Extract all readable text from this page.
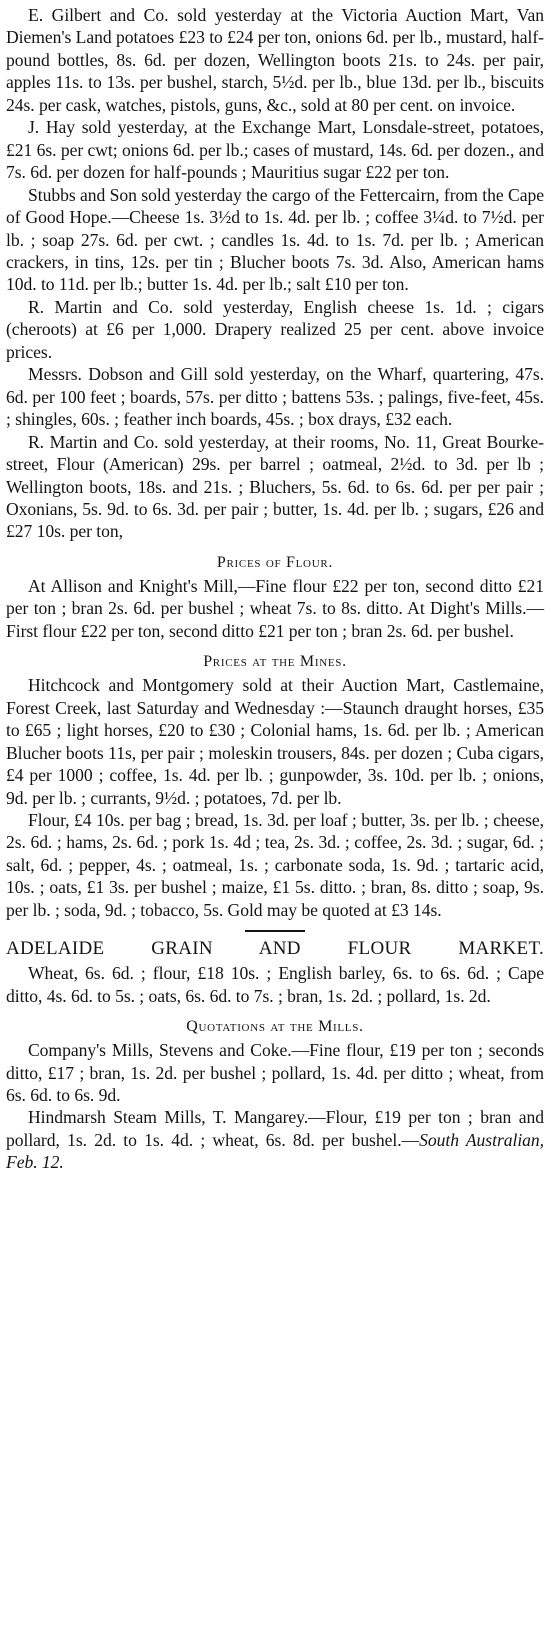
E. Gilbert and Co. sold yesterday at the Victoria Auction Mart, Van Diemen's Land potatoes £23 to £24 per ton, onions 6d. per lb., mustard, half-pound bottles, 8s. 6d. per dozen, Wellington boots 21s. to 24s. per pair, apples 11s. to 13s. per bushel, starch, 5½d. per lb., blue 13d. per lb., biscuits 24s. per cask, watches, pistols, guns, &c., sold at 80 per cent. on invoice.

J. Hay sold yesterday, at the Exchange Mart, Lonsdale-street, potatoes, £21 6s. per cwt; onions 6d. per lb.; cases of mustard, 14s. 6d. per dozen., and 7s. 6d. per dozen for half-pounds ; Mauritius sugar £22 per ton.

Stubbs and Son sold yesterday the cargo of the Fettercairn, from the Cape of Good Hope.—Cheese 1s. 3½d to 1s. 4d. per lb. ; coffee 3¼d. to 7½d. per lb. ; soap 27s. 6d. per cwt. ; candles 1s. 4d. to 1s. 7d. per lb. ; American crackers, in tins, 12s. per tin ; Blucher boots 7s. 3d. Also, American hams 10d. to 11d. per lb.; butter 1s. 4d. per lb.; salt £10 per ton.

R. Martin and Co. sold yesterday, English cheese 1s. 1d. ; cigars (cheroots) at £6 per 1,000. Drapery realized 25 per cent. above invoice prices.

Messrs. Dobson and Gill sold yesterday, on the Wharf, quartering, 47s. 6d. per 100 feet ; boards, 57s. per ditto ; battens 53s. ; palings, five-feet, 45s. ; shingles, 60s. ; feather inch boards, 45s. ; box drays, £32 each.

R. Martin and Co. sold yesterday, at their rooms, No. 11, Great Bourke-street, Flour (American) 29s. per barrel ; oatmeal, 2½d. to 3d. per lb ; Wellington boots, 18s. and 21s. ; Bluchers, 5s. 6d. to 6s. 6d. per per pair ; Oxonians, 5s. 9d. to 6s. 3d. per pair ; butter, 1s. 4d. per lb. ; sugars, £26 and £27 10s. per ton,

Prices of Flour.

At Allison and Knight's Mill,—Fine flour £22 per ton, second ditto £21 per ton ; bran 2s. 6d. per bushel ; wheat 7s. to 8s. ditto. At Dight's Mills.—First flour £22 per ton, second ditto £21 per ton ; bran 2s. 6d. per bushel.

Prices at the Mines.

Hitchcock and Montgomery sold at their Auction Mart, Castlemaine, Forest Creek, last Saturday and Wednesday :—Staunch draught horses, £35 to £65 ; light horses, £20 to £30 ; Colonial hams, 1s. 6d. per lb. ; American Blucher boots 11s, per pair ; moleskin trousers, 84s. per dozen ; Cuba cigars, £4 per 1000 ; coffee, 1s. 4d. per lb. ; gunpowder, 3s. 10d. per lb. ; onions, 9d. per lb. ; currants, 9½d. ; potatoes, 7d. per lb.

Flour, £4 10s. per bag ; bread, 1s. 3d. per loaf ; butter, 3s. per lb. ; cheese, 2s. 6d. ; hams, 2s. 6d. ; pork 1s. 4d ; tea, 2s. 3d. ; coffee, 2s. 3d. ; sugar, 6d. ; salt, 6d. ; pepper, 4s. ; oatmeal, 1s. ; carbonate soda, 1s. 9d. ; tartaric acid, 10s. ; oats, £1 3s. per bushel ; maize, £1 5s. ditto. ; bran, 8s. ditto ; soap, 9s. per lb. ; soda, 9d. ; tobacco, 5s. Gold may be quoted at £3 14s.

ADELAIDE GRAIN AND FLOUR MARKET.

Wheat, 6s. 6d. ; flour, £18 10s. ; English barley, 6s. to 6s. 6d. ; Cape ditto, 4s. 6d. to 5s. ; oats, 6s. 6d. to 7s. ; bran, 1s. 2d. ; pollard, 1s. 2d.

Quotations at the Mills.

Company's Mills, Stevens and Coke.—Fine flour, £19 per ton ; seconds ditto, £17 ; bran, 1s. 2d. per bushel ; pollard, 1s. 4d. per ditto ; wheat, from 6s. 6d. to 6s. 9d.

Hindmarsh Steam Mills, T. Mangarey.—Flour, £19 per ton ; bran and pollard, 1s. 2d. to 1s. 4d. ; wheat, 6s. 8d. per bushel.—South Australian, Feb. 12.
